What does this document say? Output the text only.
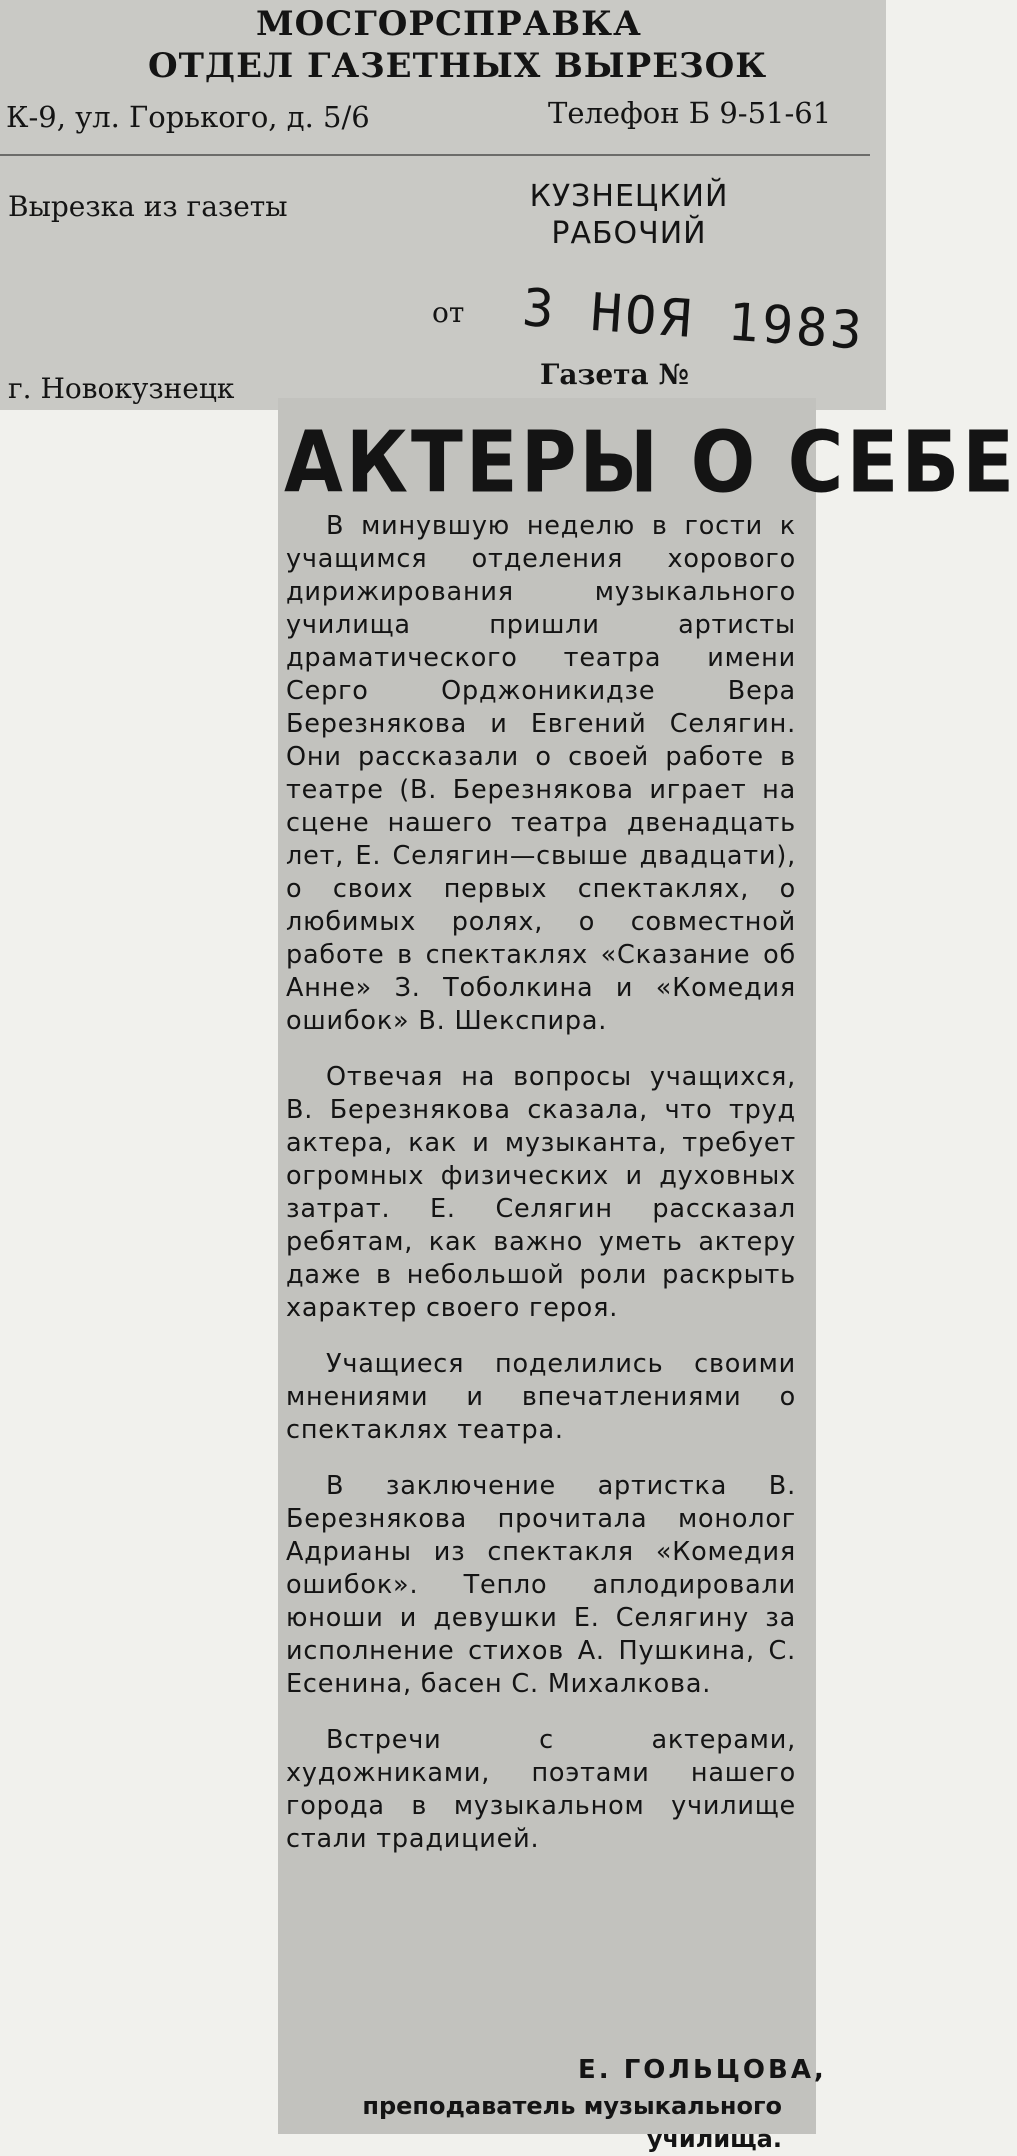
МОСГОРСПРАВКА
ОТДЕЛ ГАЗЕТНЫХ ВЫРЕЗОК
К-9, ул. Горького, д. 5/6	Телефон Б 9-51-61
Вырезка из газеты	КУЗНЕЦКИЙ
РАБОЧИЙ
от 3 НОЯ 1983
г. Новокузнецк	Газета №
АКТЕРЫ О СЕБЕ

В минувшую неделю в гости к учащимся отделения хорового дирижирования музыкального училища пришли артисты драматического театра имени Серго Орджоникидзе Вера Березнякова и Евгений Селягин. Они рассказали о своей работе в театре (В. Березнякова играет на сцене нашего театра двенадцать лет, Е. Селягин—свыше двадцати), о своих первых спектаклях, о любимых ролях, о совместной работе в спектаклях «Сказание об Анне» З. Тоболкина и «Комедия ошибок» В. Шекспира.

Отвечая на вопросы учащихся, В. Березнякова сказала, что труд актера, как и музыканта, требует огромных физических и духовных затрат. Е. Селягин рассказал ребятам, как важно уметь актеру даже в небольшой роли раскрыть характер своего героя.

Учащиеся поделились своими мнениями и впечатлениями о спектаклях театра.

В заключение артистка В. Березнякова прочитала монолог Адрианы из спектакля «Комедия ошибок». Тепло аплодировали юноши и девушки Е. Селягину за исполнение стихов А. Пушкина, С. Есенина, басен С. Михалкова.

Встречи с актерами, художниками, поэтами нашего города в музыкальном училище стали традицией.

Е. ГОЛЬЦОВА,
преподаватель музыкального училища.
